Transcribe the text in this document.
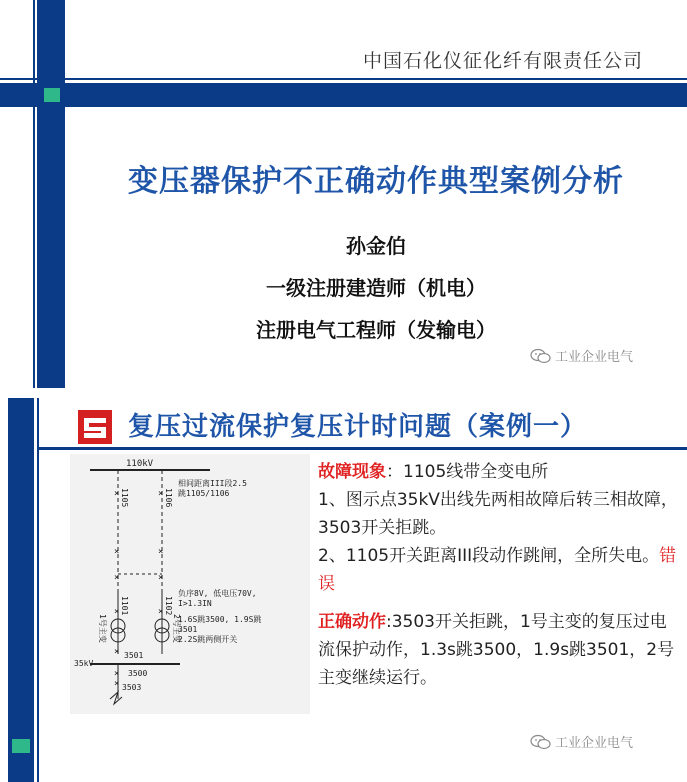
中国石化仪征化纤有限责任公司
变压器保护不正确动作典型案例分析
孙金伯
一级注册建造师（机电）
注册电气工程师（发输电）
工业企业电气
复压过流保护复压计时问题（案例一）
110kV
×	×
×	×
1105	1106
相间距离III段2.5
跳1105/1106
×	×
1101	1102
×	×
负序8V, 低电压70V,
I>1.3IN
1.6S跳3500, 1.9S跳
3501
2.2S跳两侧开关
1号主变	2号主变
× 3501
35kV
× 3500
× 3503

故障现象：1105线带全变电所

1、图示点35kV出线先两相故障后转三相故障，3503开关拒跳。

2、1105开关距离III段动作跳闸，全所失电。错误

正确动作:3503开关拒跳，1号主变的复压过电流保护动作，1.3s跳3500，1.9s跳3501，2号主变继续运行。

工业企业电气
